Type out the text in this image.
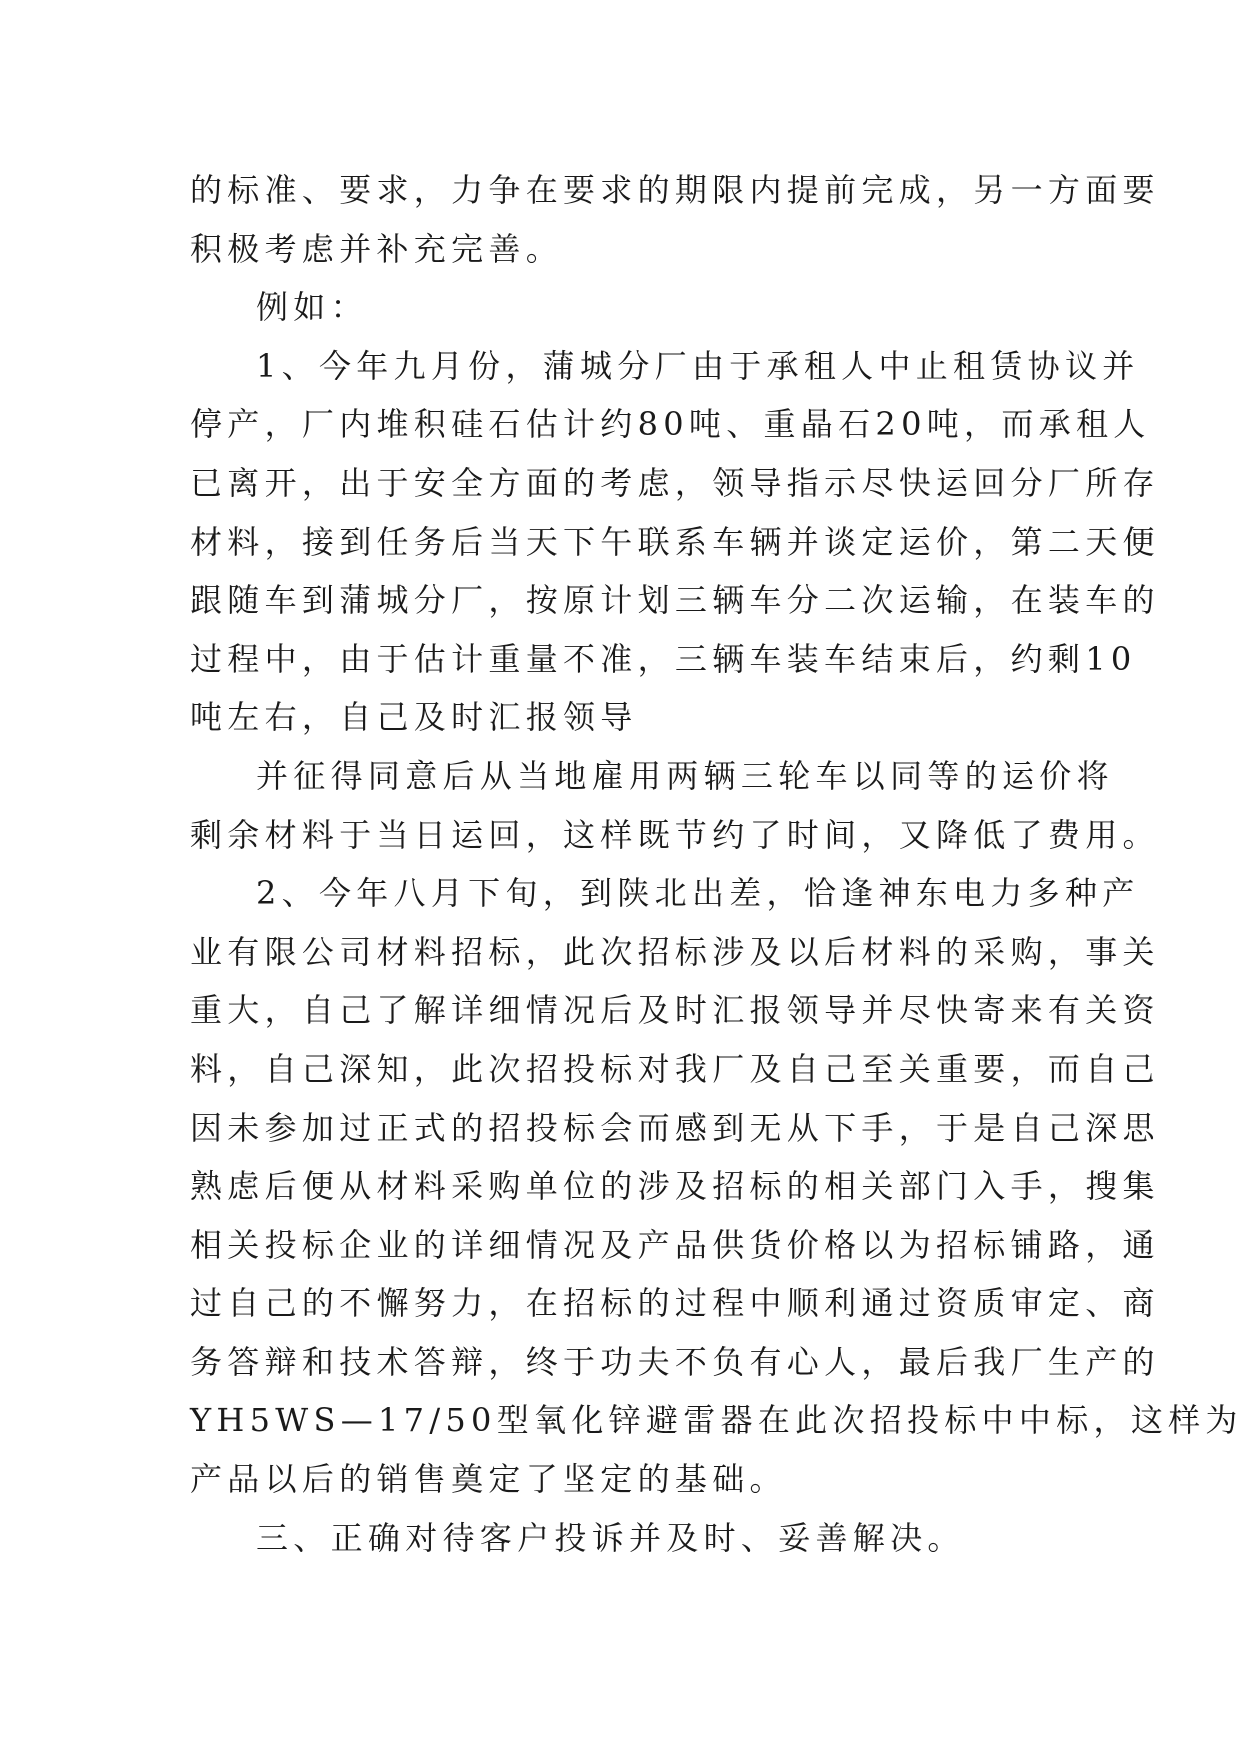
的标准、要求，力争在要求的期限内提前完成，另一方面要
积极考虑并补充完善。
例如：
1、今年九月份，蒲城分厂由于承租人中止租赁协议并
停产，厂内堆积硅石估计约80吨、重晶石20吨，而承租人
已离开，出于安全方面的考虑，领导指示尽快运回分厂所存
材料，接到任务后当天下午联系车辆并谈定运价，第二天便
跟随车到蒲城分厂，按原计划三辆车分二次运输，在装车的
过程中，由于估计重量不准，三辆车装车结束后，约剩10
吨左右，自己及时汇报领导
并征得同意后从当地雇用两辆三轮车以同等的运价将
剩余材料于当日运回，这样既节约了时间，又降低了费用。
2、今年八月下旬，到陕北出差，恰逢神东电力多种产
业有限公司材料招标，此次招标涉及以后材料的采购，事关
重大，自己了解详细情况后及时汇报领导并尽快寄来有关资
料，自己深知，此次招投标对我厂及自己至关重要，而自己
因未参加过正式的招投标会而感到无从下手，于是自己深思
熟虑后便从材料采购单位的涉及招标的相关部门入手，搜集
相关投标企业的详细情况及产品供货价格以为招标铺路，通
过自己的不懈努力，在招标的过程中顺利通过资质审定、商
务答辩和技术答辩，终于功夫不负有心人，最后我厂生产的
YH5WS—17/50型氧化锌避雷器在此次招投标中中标，这样为
产品以后的销售奠定了坚定的基础。
三、正确对待客户投诉并及时、妥善解决。
